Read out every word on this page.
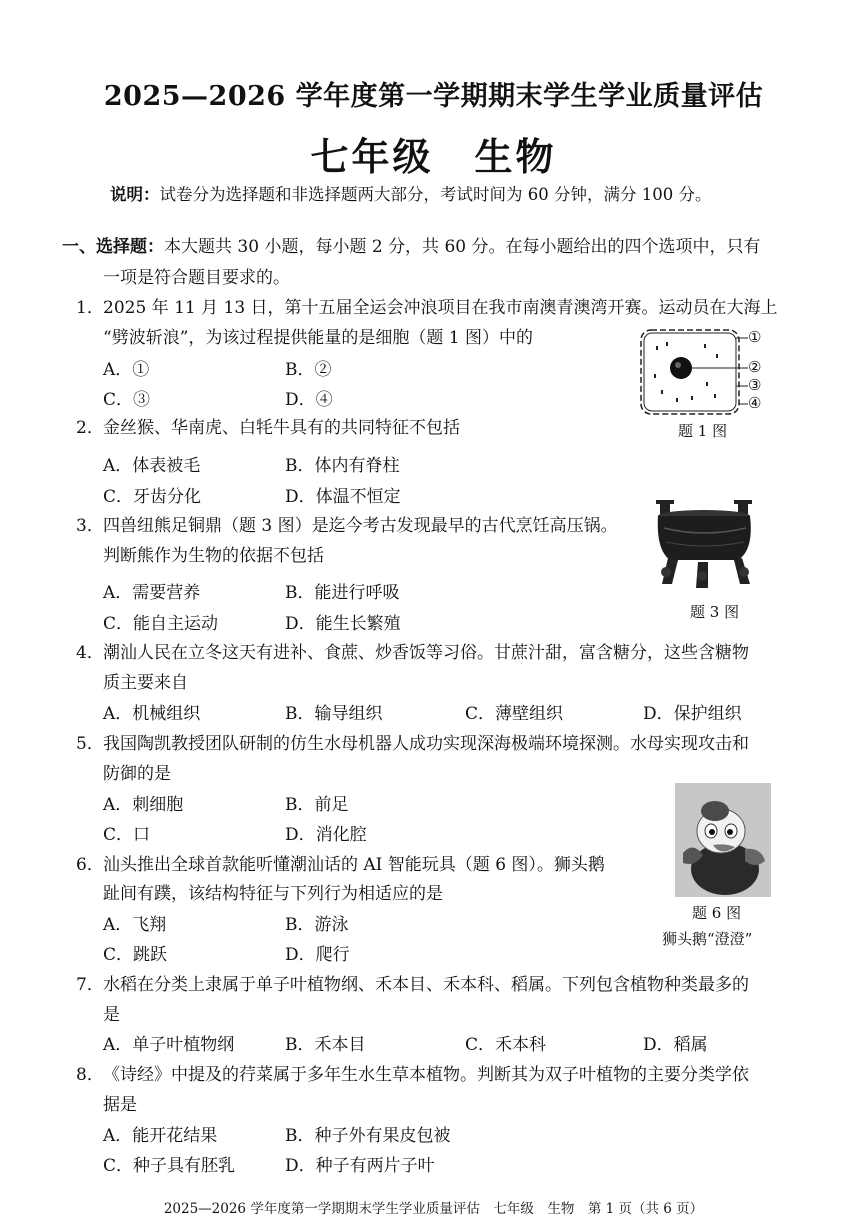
2025—2026 学年度第一学期期末学生学业质量评估
七年级　生物
说明：试卷分为选择题和非选择题两大部分，考试时间为 60 分钟，满分 100 分。
一、选择题：本大题共 30 小题，每小题 2 分，共 60 分。在每小题给出的四个选项中，只有
一项是符合题目要求的。
1． 2025 年 11 月 13 日，第十五届全运会冲浪项目在我市南澳青澳湾开赛。运动员在大海上
“劈波斩浪”，为该过程提供能量的是细胞（题 1 图）中的
A．①	B．②
C．③	D．④
①
②
③
④
题 1 图
2． 金丝猴、华南虎、白牦牛具有的共同特征不包括
A．体表被毛	B．体内有脊柱
C．牙齿分化	D．体温不恒定
3． 四兽纽熊足铜鼎（题 3 图）是迄今考古发现最早的古代烹饪高压锅。
判断熊作为生物的依据不包括
A．需要营养	B．能进行呼吸
C．能自主运动	D．能生长繁殖
题 3 图
4． 潮汕人民在立冬这天有进补、食蔗、炒香饭等习俗。甘蔗汁甜，富含糖分，这些含糖物
质主要来自
A．机械组织	B．输导组织	C．薄壁组织	D．保护组织
5． 我国陶凯教授团队研制的仿生水母机器人成功实现深海极端环境探测。水母实现攻击和
防御的是
A．刺细胞	B．前足
C．口	D．消化腔
题 6 图
狮头鹅“澄澄”
6． 汕头推出全球首款能听懂潮汕话的 AI 智能玩具（题 6 图）。狮头鹅
趾间有蹼，该结构特征与下列行为相适应的是
A．飞翔	B．游泳
C．跳跃	D．爬行
7． 水稻在分类上隶属于单子叶植物纲、禾本目、禾本科、稻属。下列包含植物种类最多的
是
A．单子叶植物纲	B．禾本目	C．禾本科	D．稻属
8． 《诗经》中提及的荇菜属于多年生水生草本植物。判断其为双子叶植物的主要分类学依
据是
A．能开花结果	B．种子外有果皮包被
C．种子具有胚乳	D．种子有两片子叶
2025—2026 学年度第一学期期末学生学业质量评估　七年级　生物　第 1 页（共 6 页）
